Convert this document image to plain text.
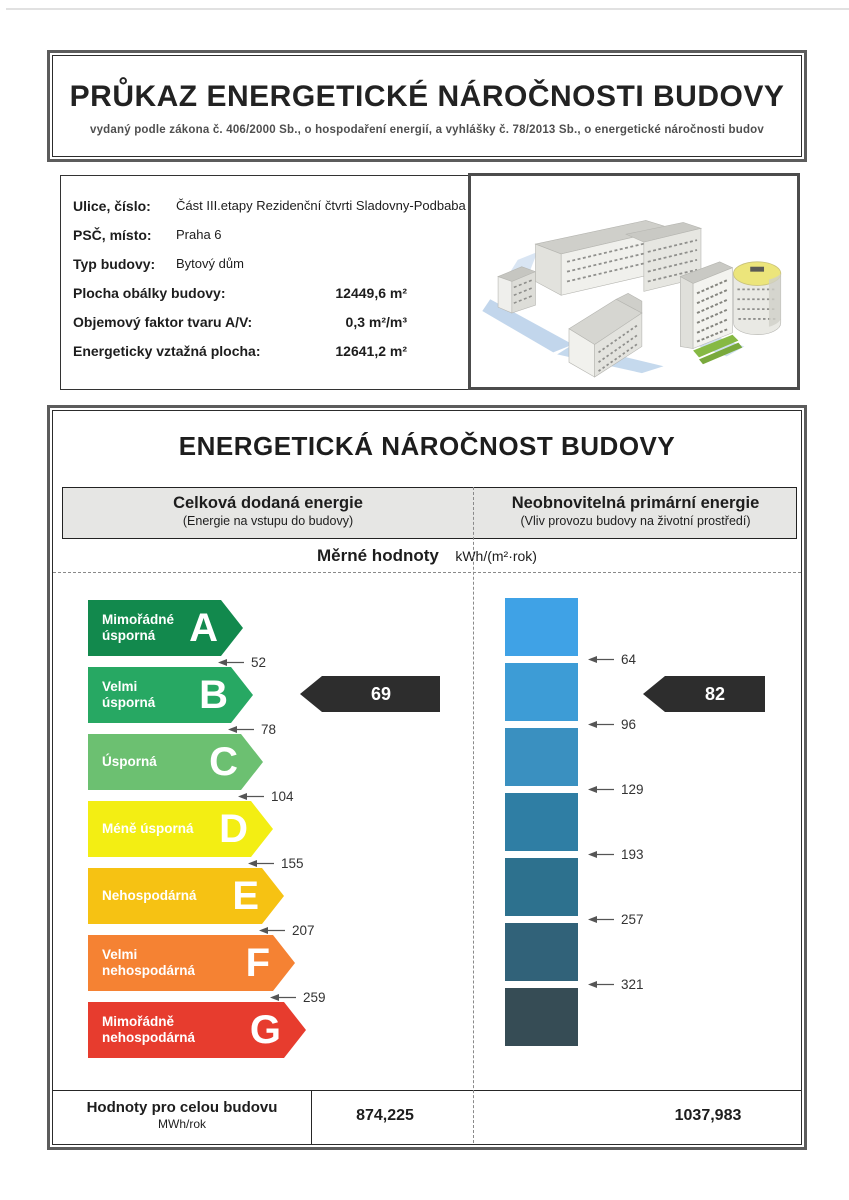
PRŮKAZ ENERGETICKÉ NÁROČNOSTI BUDOVY
vydaný podle zákona č. 406/2000 Sb., o hospodaření energií, a vyhlášky č. 78/2013 Sb., o energetické náročnosti budov
Ulice, číslo:	Část III.etapy Rezidenční čtvrti Sladovny-Podbaba
PSČ, místo:	Praha 6
Typ budovy:	Bytový dům
Plocha obálky budovy:	12449,6 m²
Objemový faktor tvaru A/V:	0,3 m²/m³
Energeticky vztažná plocha:	12641,2 m²
ENERGETICKÁ NÁROČNOST BUDOVY
Celková dodaná energie
(Energie na vstupu do budovy)
Neobnovitelná primární energie
(Vliv provozu budovy na životní prostředí)
Měrné hodnoty kWh/(m²·rok)
Mimořádné
úsporná A
52
Velmi
úsporná B
78
Úsporná C
104
Méně úsporná D
155
Nehospodárná E
207
Velmi
nehospodárná F
259
Mimořádně
nehospodárná G
64
96
129
193
257
321
69	82
Hodnoty pro celou budovu
MWh/rok	874,225	1037,983
